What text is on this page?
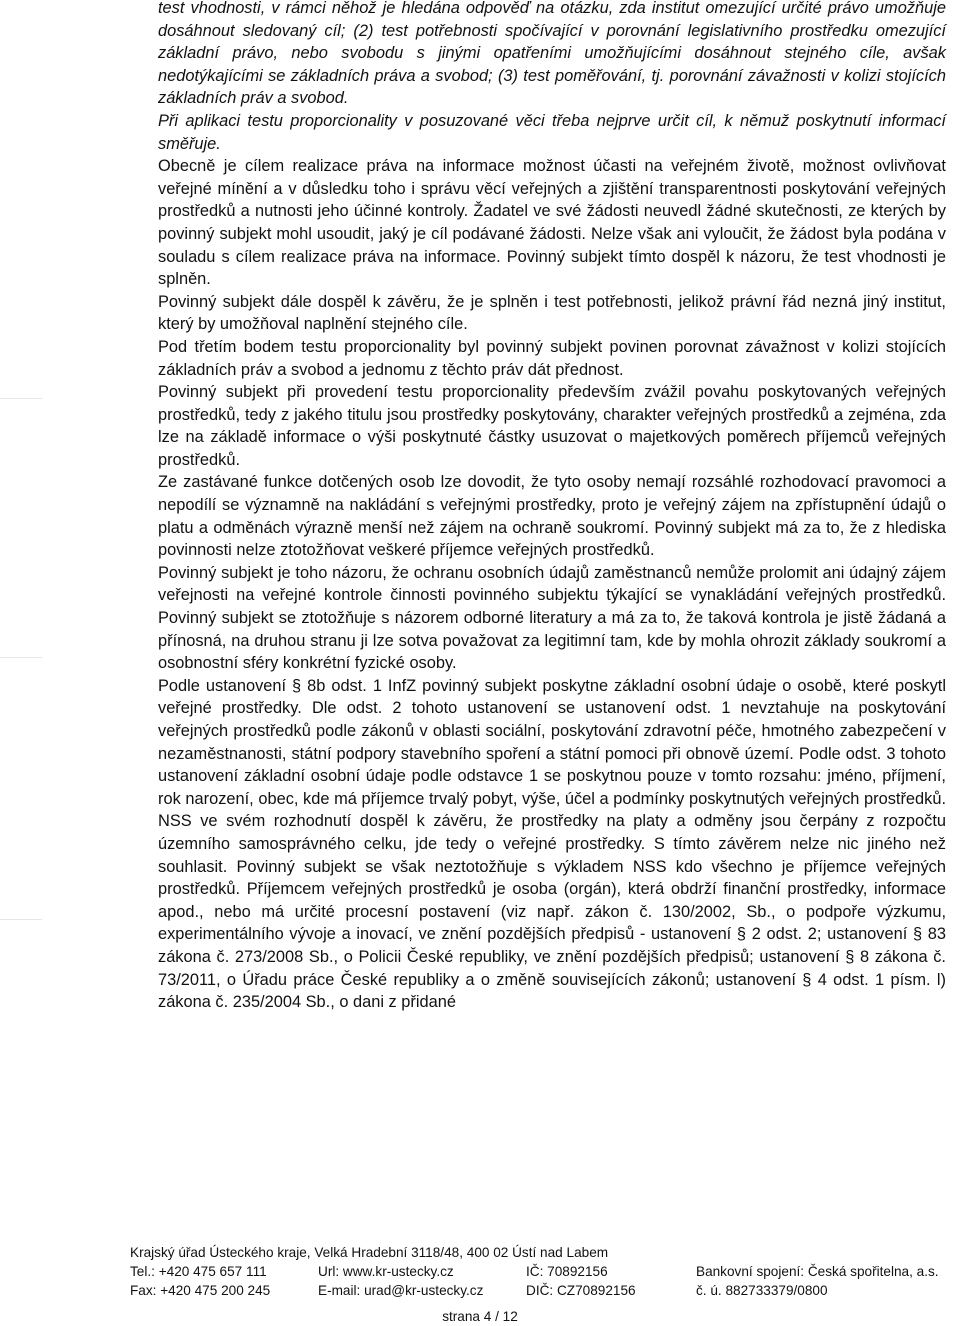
test vhodnosti, v rámci něhož je hledána odpověď na otázku, zda institut omezující určité právo umožňuje dosáhnout sledovaný cíl; (2) test potřebnosti spočívající v porovnání legislativního prostředku omezující základní právo, nebo svobodu s jinými opatřeními umožňujícími dosáhnout stejného cíle, avšak nedotýkajícími se základních práva a svobod; (3) test poměřování, tj. porovnání závažnosti v kolizi stojících základních práv a svobod.

Při aplikaci testu proporcionality v posuzované věci třeba nejprve určit cíl, k němuž poskytnutí informací směřuje.

Obecně je cílem realizace práva na informace možnost účasti na veřejném životě, možnost ovlivňovat veřejné mínění a v důsledku toho i správu věcí veřejných a zjištění transparentnosti poskytování veřejných prostředků a nutnosti jeho účinné kontroly. Žadatel ve své žádosti neuvedl žádné skutečnosti, ze kterých by povinný subjekt mohl usoudit, jaký je cíl podávané žádosti. Nelze však ani vyloučit, že žádost byla podána v souladu s cílem realizace práva na informace. Povinný subjekt tímto dospěl k názoru, že test vhodnosti je splněn.

Povinný subjekt dále dospěl k závěru, že je splněn i test potřebnosti, jelikož právní řád nezná jiný institut, který by umožňoval naplnění stejného cíle.

Pod třetím bodem testu proporcionality byl povinný subjekt povinen porovnat závažnost v kolizi stojících základních práv a svobod a jednomu z těchto práv dát přednost.

Povinný subjekt při provedení testu proporcionality především zvážil povahu poskytovaných veřejných prostředků, tedy z jakého titulu jsou prostředky poskytovány, charakter veřejných prostředků a zejména, zda lze na základě informace o výši poskytnuté částky usuzovat o majetkových poměrech příjemců veřejných prostředků.

Ze zastávané funkce dotčených osob lze dovodit, že tyto osoby nemají rozsáhlé rozhodovací pravomoci a nepodílí se významně na nakládání s veřejnými prostředky, proto je veřejný zájem na zpřístupnění údajů o platu a odměnách výrazně menší než zájem na ochraně soukromí. Povinný subjekt má za to, že z hlediska povinnosti nelze ztotožňovat veškeré příjemce veřejných prostředků.

Povinný subjekt je toho názoru, že ochranu osobních údajů zaměstnanců nemůže prolomit ani údajný zájem veřejnosti na veřejné kontrole činnosti povinného subjektu týkající se vynakládání veřejných prostředků. Povinný subjekt se ztotožňuje s názorem odborné literatury a má za to, že taková kontrola je jistě žádaná a přínosná, na druhou stranu ji lze sotva považovat za legitimní tam, kde by mohla ohrozit základy soukromí a osobnostní sféry konkrétní fyzické osoby.

Podle ustanovení § 8b odst. 1 InfZ povinný subjekt poskytne základní osobní údaje o osobě, které poskytl veřejné prostředky. Dle odst. 2 tohoto ustanovení se ustanovení odst. 1 nevztahuje na poskytování veřejných prostředků podle zákonů v oblasti sociální, poskytování zdravotní péče, hmotného zabezpečení v nezaměstnanosti, státní podpory stavebního spoření a státní pomoci při obnově území. Podle odst. 3 tohoto ustanovení základní osobní údaje podle odstavce 1 se poskytnou pouze v tomto rozsahu: jméno, příjmení, rok narození, obec, kde má příjemce trvalý pobyt, výše, účel a podmínky poskytnutých veřejných prostředků. NSS ve svém rozhodnutí dospěl k závěru, že prostředky na platy a odměny jsou čerpány z rozpočtu územního samosprávného celku, jde tedy o veřejné prostředky. S tímto závěrem nelze nic jiného než souhlasit. Povinný subjekt se však neztotožňuje s výkladem NSS kdo všechno je příjemce veřejných prostředků. Příjemcem veřejných prostředků je osoba (orgán), která obdrží finanční prostředky, informace apod., nebo má určité procesní postavení (viz např. zákon č. 130/2002, Sb., o podpoře výzkumu, experimentálního vývoje a inovací, ve znění pozdějších předpisů - ustanovení § 2 odst. 2; ustanovení § 83 zákona č. 273/2008 Sb., o Policii České republiky, ve znění pozdějších předpisů; ustanovení § 8 zákona č. 73/2011, o Úřadu práce České republiky a o změně souvisejících zákonů; ustanovení § 4 odst. 1 písm. l) zákona č. 235/2004 Sb., o dani z přidané

Krajský úřad Ústeckého kraje, Velká Hradební 3118/48, 400 02 Ústí nad Labem
Tel.: +420 475 657 111	Url: www.kr-ustecky.cz	IČ: 70892156	Bankovní spojení: Česká spořitelna, a.s.
Fax: +420 475 200 245	E-mail: urad@kr-ustecky.cz	DIČ: CZ70892156	č. ú. 882733379/0800
strana 4 / 12
